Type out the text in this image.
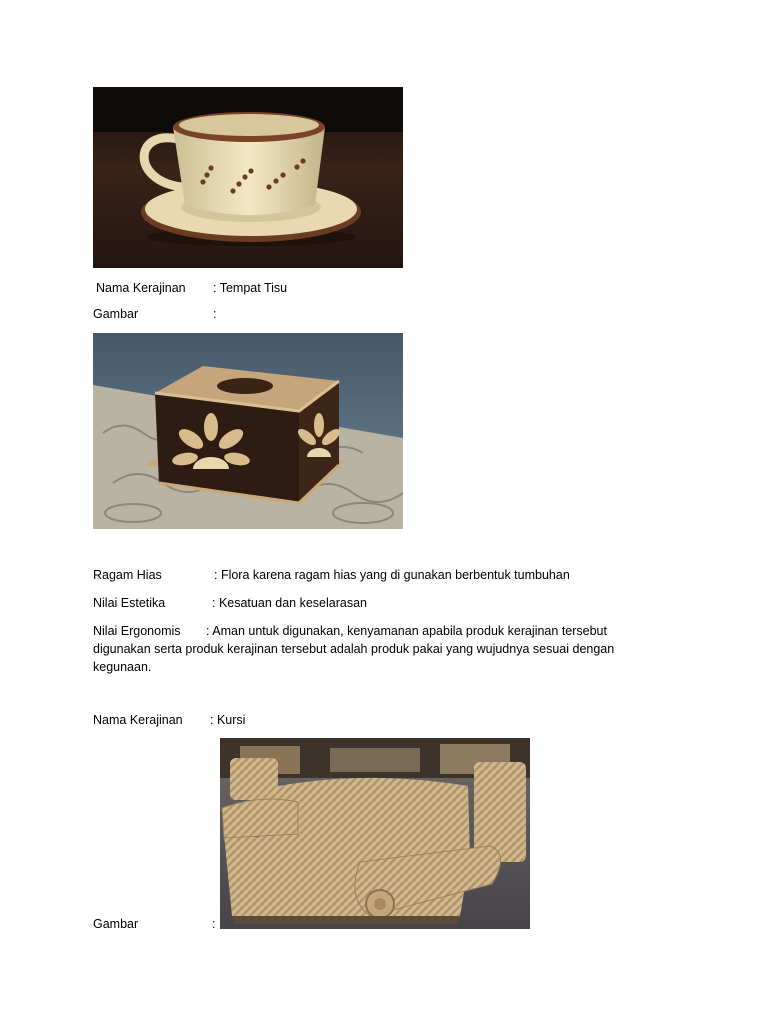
Nama Kerajinan : Tempat Tisu
Gambar	:
Ragam Hias	: Flora karena ragam hias yang di gunakan berbentuk tumbuhan
Nilai Estetika	: Kesatuan dan keselarasan
Nilai Ergonomis : Aman untuk digunakan, kenyamanan apabila produk kerajinan tersebut digunakan serta produk kerajinan tersebut adalah produk pakai yang wujudnya sesuai dengan kegunaan.
Nama Kerajinan : Kursi
Gambar	:
